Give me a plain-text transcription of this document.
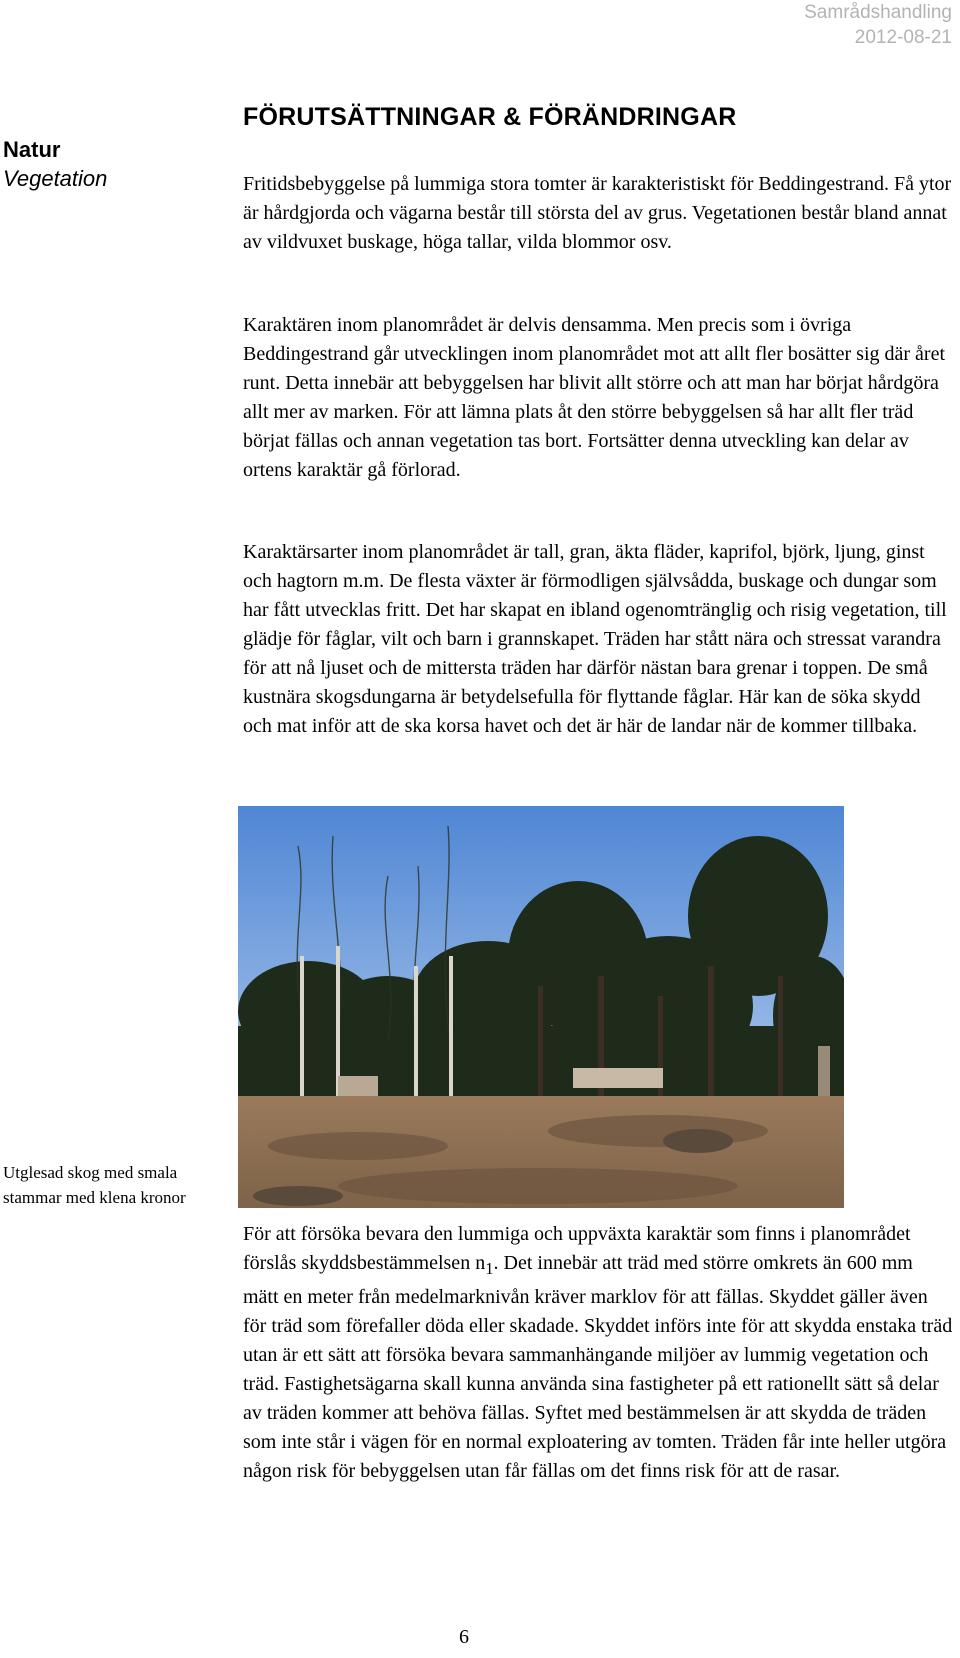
Samrådshandling
2012-08-21
Natur
Vegetation
FÖRUTSÄTTNINGAR & FÖRÄNDRINGAR

Fritidsbebyggelse på lummiga stora tomter är karakteristiskt för Beddingestrand. Få ytor är hårdgjorda och vägarna består till största del av grus. Vegetationen består bland annat av vildvuxet buskage, höga tallar, vilda blommor osv.

Karaktären inom planområdet är delvis densamma. Men precis som i övriga Beddingestrand går utvecklingen inom planområdet mot att allt fler bosätter sig där året runt. Detta innebär att bebyggelsen har blivit allt större och att man har börjat hårdgöra allt mer av marken. För att lämna plats åt den större bebyggelsen så har allt fler träd börjat fällas och annan vegetation tas bort. Fortsätter denna utveckling kan delar av ortens karaktär gå förlorad.

Karaktärsarter inom planområdet är tall, gran, äkta fläder, kaprifol, björk, ljung, ginst och hagtorn m.m. De flesta växter är förmodligen självsådda, buskage och dungar som har fått utvecklas fritt. Det har skapat en ibland ogenomtränglig och risig vegetation, till glädje för fåglar, vilt och barn i grannskapet. Träden har stått nära och stressat varandra för att nå ljuset och de mittersta träden har därför nästan bara grenar i toppen. De små kustnära skogsdungarna är betydelsefulla för flyttande fåglar. Här kan de söka skydd och mat inför att de ska korsa havet och det är här de landar när de kommer tillbaka.

Utglesad skog med smala stammar med klena kronor

För att försöka bevara den lummiga och uppväxta karaktär som finns i planområdet förslås skyddsbestämmelsen $n_1$. Det innebär att träd med större omkrets än 600 mm mätt en meter från medelmarknivån kräver marklov för att fällas. Skyddet gäller även för träd som förefaller döda eller skadade. Skyddet införs inte för att skydda enstaka träd utan är ett sätt att försöka bevara sammanhängande miljöer av lummig vegetation och träd. Fastighetsägarna skall kunna använda sina fastigheter på ett rationellt sätt så delar av träden kommer att behöva fällas. Syftet med bestämmelsen är att skydda de träden som inte står i vägen för en normal exploatering av tomten. Träden får inte heller utgöra någon risk för bebyggelsen utan får fällas om det finns risk för att de rasar.

6
